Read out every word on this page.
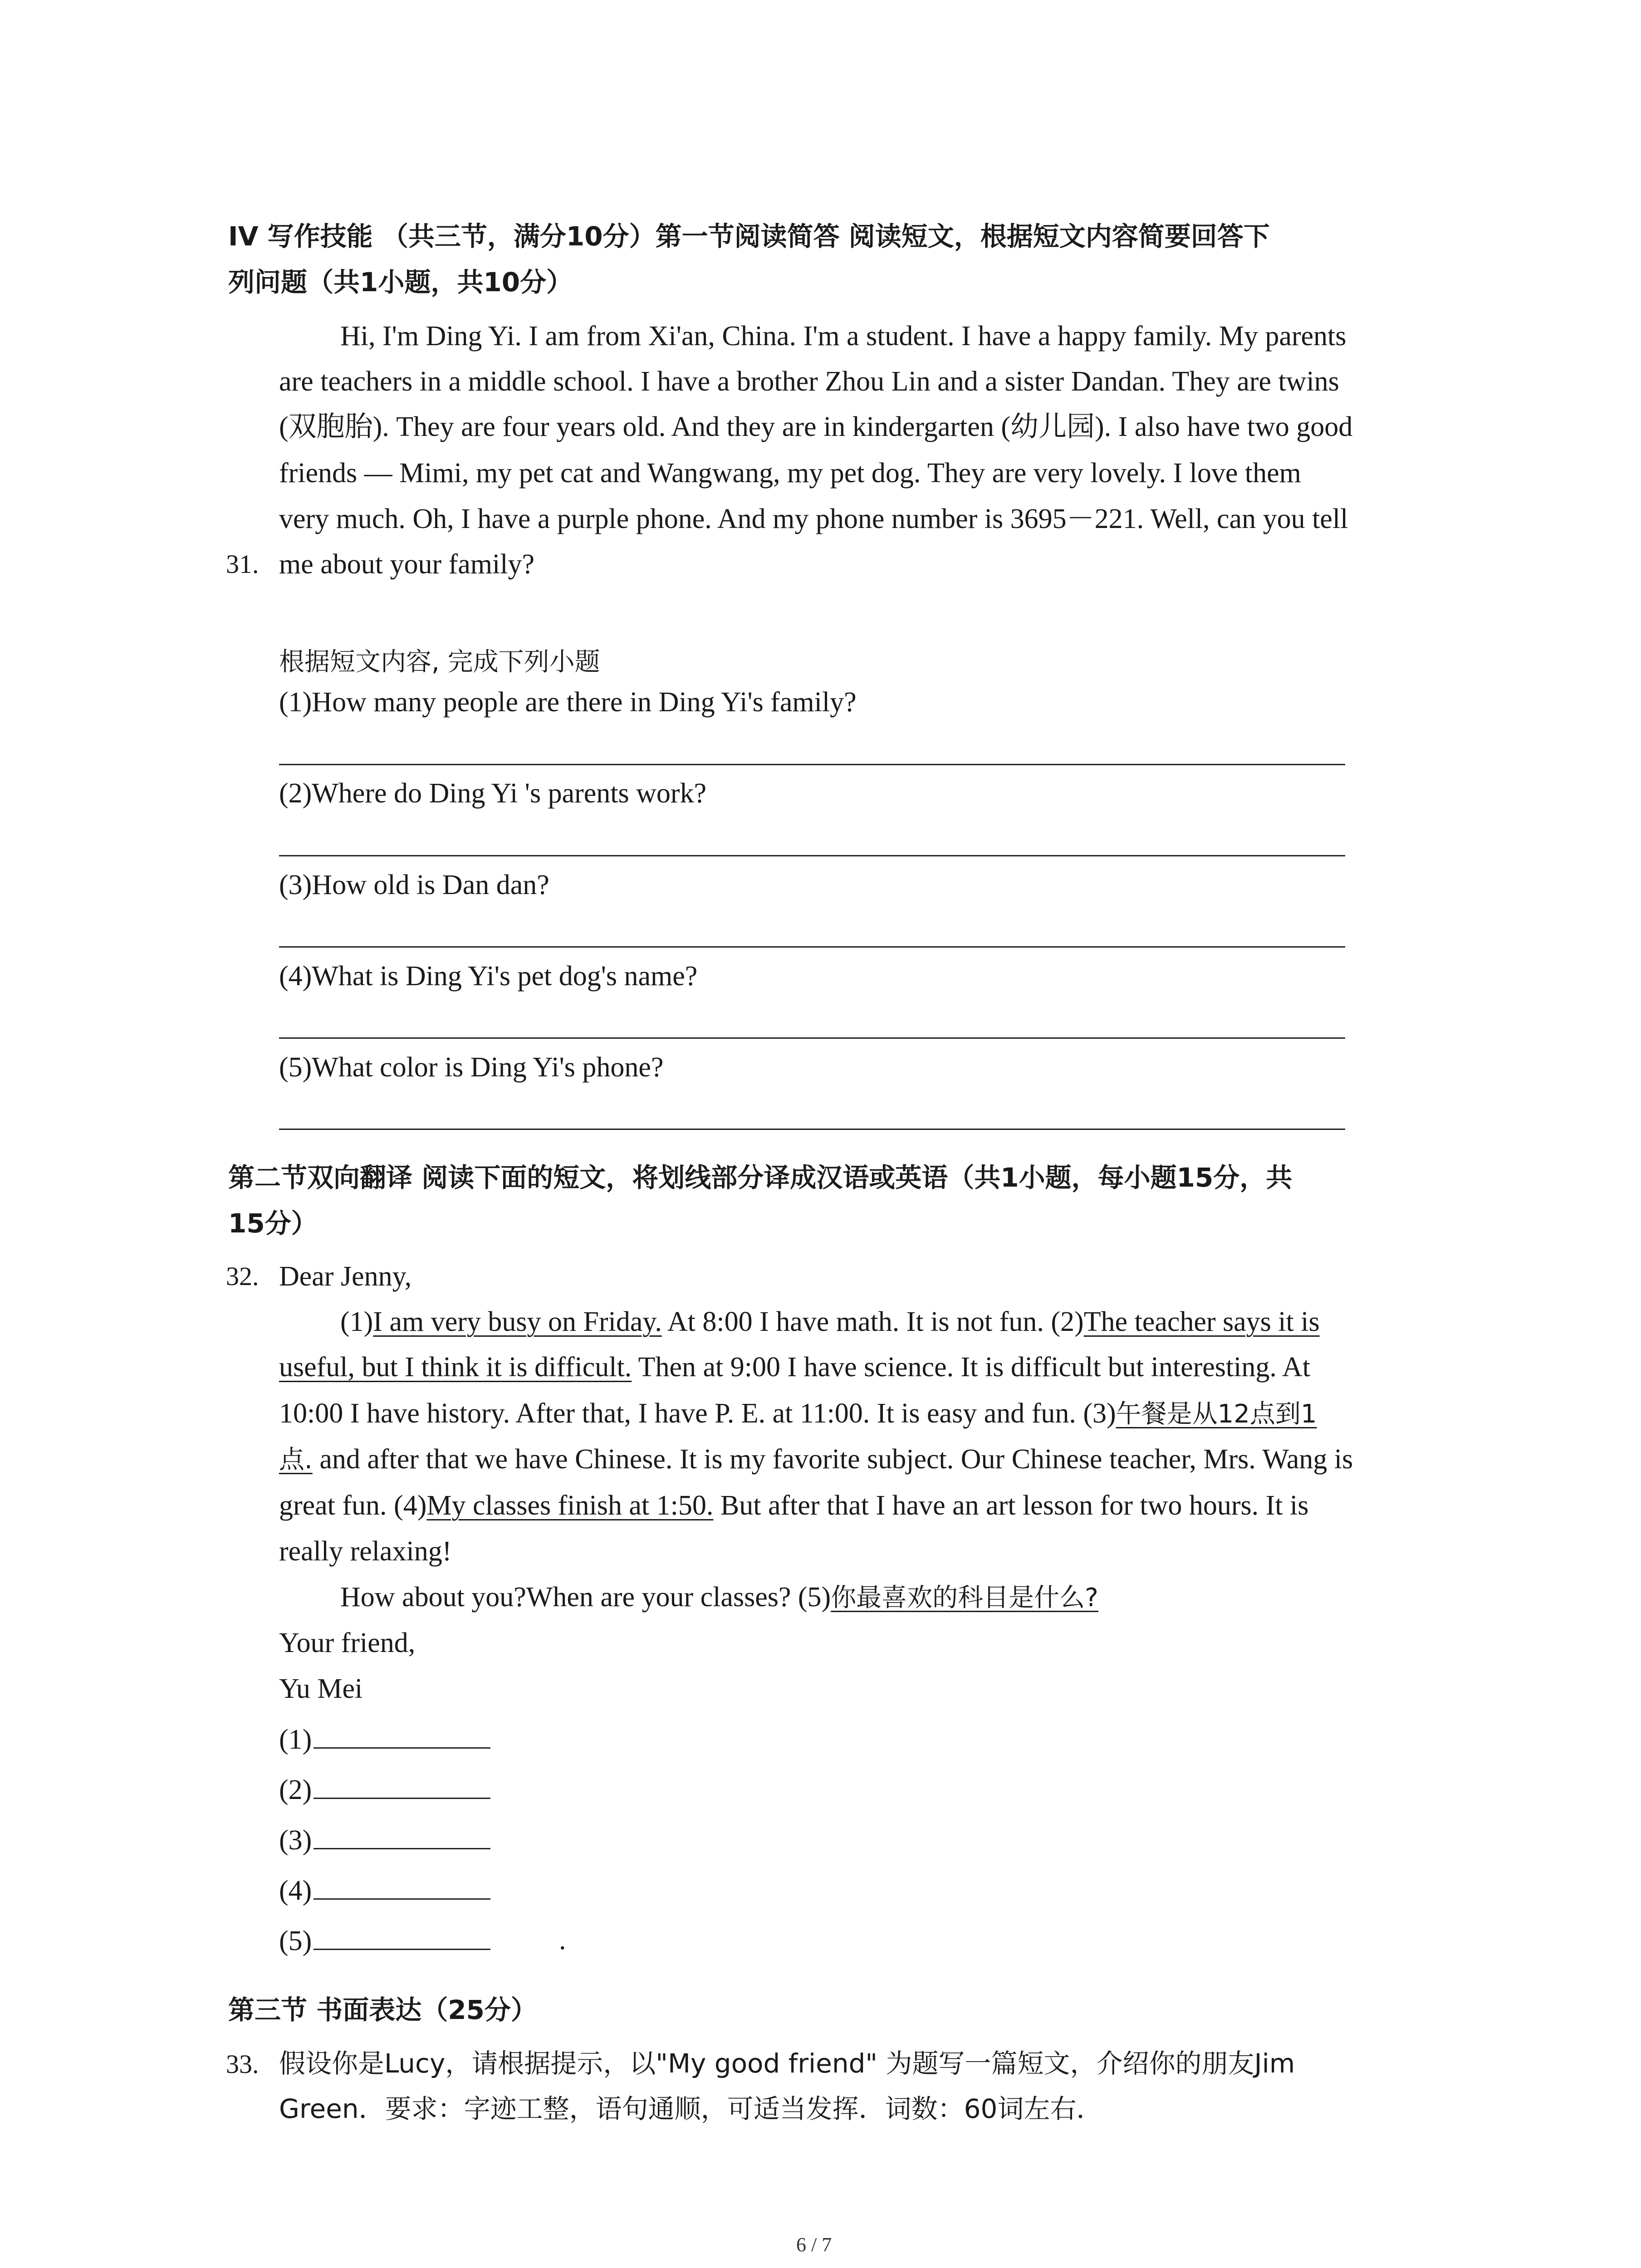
IV 写作技能 （共三节，满分10分）第一节阅读简答 阅读短文，根据短文内容简要回答下
列问题（共1小题，共10分）
Hi, I'm Ding Yi. I am from Xi'an, China. I'm a student. I have a happy family. My parents
are teachers in a middle school. I have a brother Zhou Lin and a sister Dandan. They are twins
(双胞胎). They are four years old. And they are in kindergarten (幼儿园). I also have two good
friends — Mimi, my pet cat and Wangwang, my pet dog. They are very lovely. I love them
very much. Oh, I have a purple phone. And my phone number is 3695－221. Well, can you tell
31. me about your family?
根据短文内容, 完成下列小题
(1)How many people are there in Ding Yi's family?
(2)Where do Ding Yi 's parents work?
(3)How old is Dan dan?
(4)What is Ding Yi's pet dog's name?
(5)What color is Ding Yi's phone?
第二节双向翻译 阅读下面的短文，将划线部分译成汉语或英语（共1小题，每小题15分，共
15分）
32. Dear Jenny,
(1)I am very busy on Friday. At 8:00 I have math. It is not fun. (2)The teacher says it is
useful, but I think it is difficult. Then at 9:00 I have science. It is difficult but interesting. At
10:00 I have history. After that, I have P. E. at 11:00. It is easy and fun. (3)午餐是从12点到1
点. and after that we have Chinese. It is my favorite subject. Our Chinese teacher, Mrs. Wang is
great fun. (4)My classes finish at 1:50. But after that I have an art lesson for two hours. It is
really relaxing!
How about you?When are your classes? (5)你最喜欢的科目是什么?
Your friend,
Yu Mei
(1)
(2)
(3)
(4)
(5)	.
第三节 书面表达（25分）
33. 假设你是Lucy，请根据提示，以"My good friend" 为题写一篇短文，介绍你的朋友Jim
Green．要求：字迹工整，语句通顺，可适当发挥．词数：60词左右．
6 / 7
